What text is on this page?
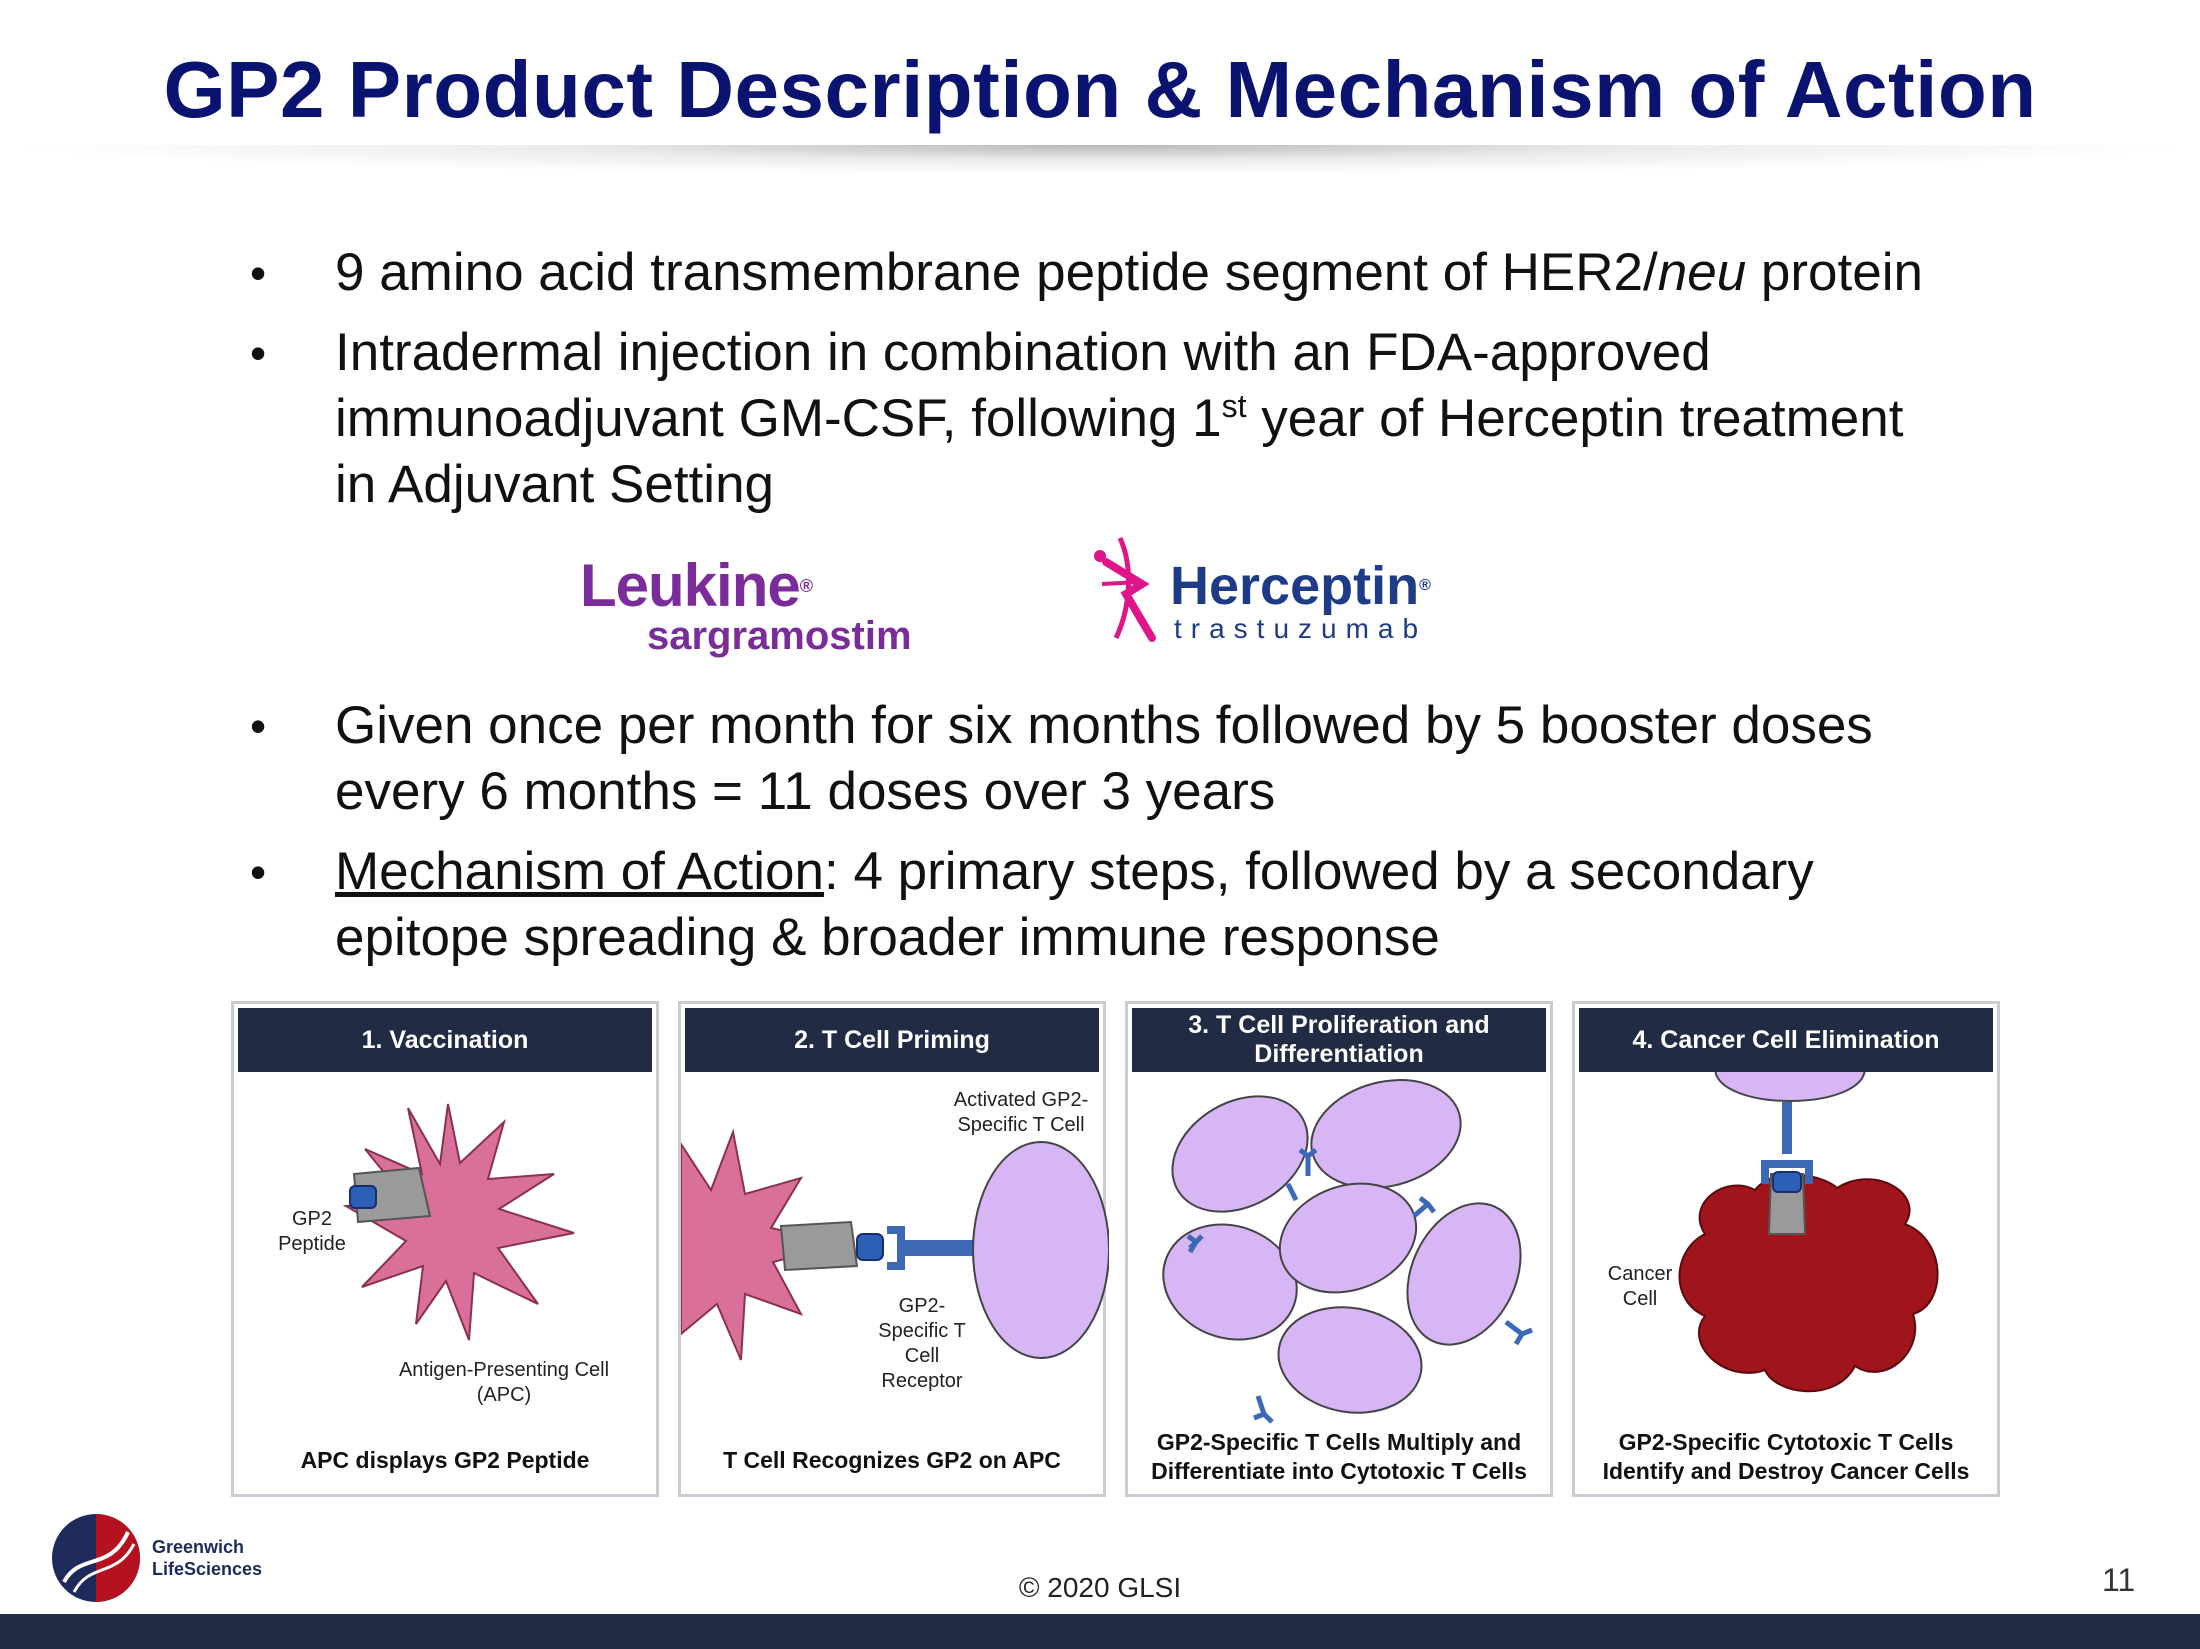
GP2 Product Description & Mechanism of Action
• 9 amino acid transmembrane peptide segment of HER2/neu protein
• Intradermal injection in combination with an FDA-approved
immunoadjuvant GM-CSF, following 1st year of Herceptin treatment
in Adjuvant Setting
Leukine®
sargramostim
Herceptin®
trastuzumab
• Given once per month for six months followed by 5 booster doses
every 6 months = 11 doses over 3 years
• Mechanism of Action: 4 primary steps, followed by a secondary
epitope spreading & broader immune response
1. Vaccination
GP2 Peptide
Antigen-Presenting Cell (APC)
APC displays GP2 Peptide
2. T Cell Priming
Activated GP2- Specific T Cell
GP2- Specific T Cell Receptor
T Cell Recognizes GP2 on APC
3. T Cell Proliferation and Differentiation
GP2-Specific T Cells Multiply and Differentiate into Cytotoxic T Cells
4. Cancer Cell Elimination
Cancer Cell
GP2-Specific Cytotoxic T Cells Identify and Destroy Cancer Cells
Greenwich
LifeSciences
© 2020 GLSI	11
